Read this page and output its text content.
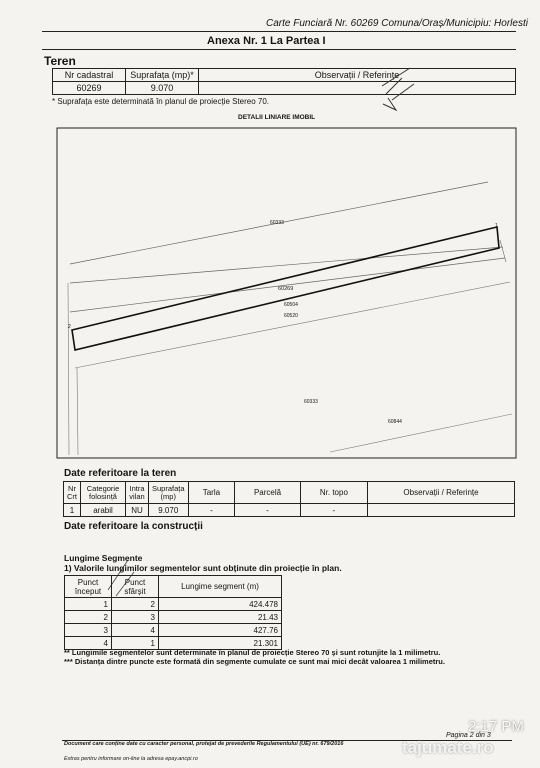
Carte Funciară Nr. 60269 Comuna/Oraș/Municipiu: Horlesti
Anexa Nr. 1 La Partea I
Teren
Nr cadastral	Suprafața (mp)*	Observații / Referințe
60269	9.070	
* Suprafața este determinată în planul de proiecție Stereo 70.
DETALII LINIARE IMOBIL
60333
60269
60504
60520
60333
60844
1
2
Date referitoare la teren
Nr Crt	Categorie folosință	Intra vilan	Suprafața (mp)	Tarla	Parcelă	Nr. topo	Observații / Referințe
1	arabil	NU	9.070	-	-	-	
Date referitoare la construcții
Lungime Segmente
1) Valorile lungimilor segmentelor sunt obținute din proiecție în plan.
Punct început	Punct sfârșit	Lungime segment (m)
1	2	424.478
2	3	21.43
3	4	427.76
4	1	21.301
** Lungimile segmentelor sunt determinate în planul de proiecție Stereo 70 și sunt rotunjite la 1 milimetru.
*** Distanța dintre puncte este formată din segmente cumulate ce sunt mai mici decât valoarea 1 milimetru.
Pagina 2 din 3
Document care conține date cu caracter personal, protejat de prevederile Regulamentului (UE) nr. 679/2016
Extras pentru informare on-line la adresa epay.ancpi.ro
tajumate.ro
2:17 PM
